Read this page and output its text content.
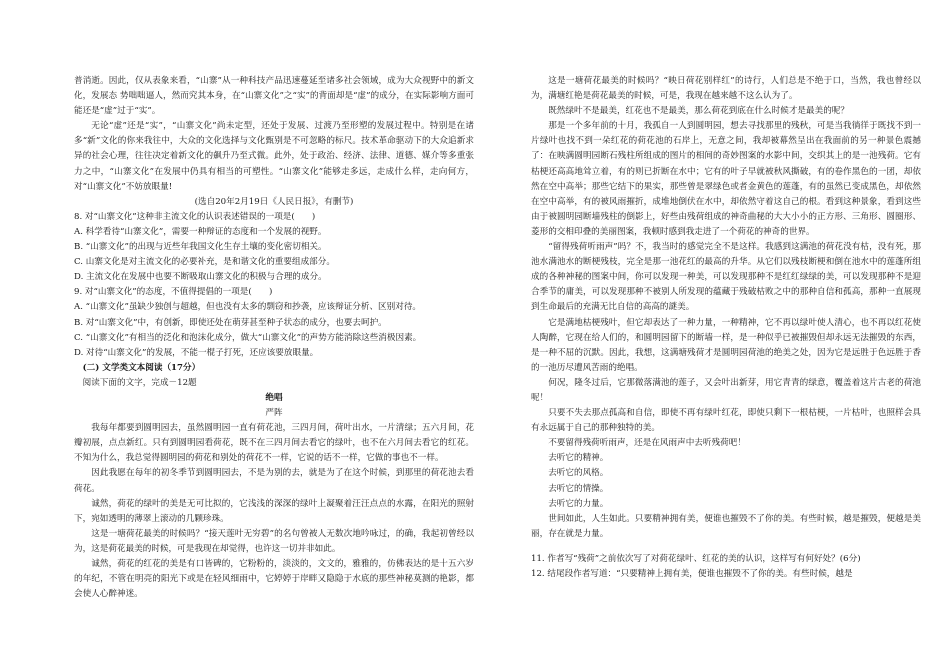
普消逝。因此，仅从表象来看，“山寨”从一种科技产品迅速蔓延至诸多社会领域，成为大众视野中的新文化，发展态 势咄咄逼人，然而究其本身，在“山寨文化”之“实”的背面却是“虚”的成分，在实际影响方面可能还是“虚”过于“实”。

无论“虚”还是“实”，“山寨文化”尚未定型，还处于发展、过渡乃至形塑的发展过程中。特别是在诸多“新”文化的你来我往中，大众的文化选择与文化甄别是不可忽略的标尺。技术革命驱动下的大众追新求异的社会心理，往往决定着新文化的飙升乃至式微。此外，处于政治、经济、法律、道德、媒介等多重张力之中，“山寨文化”在发展中仍具有相当的可塑性。“山寨文化”能够走多远，走成什么样，走向何方，对“山寨文化”不妨放眼量!

(选自20年2月19日《人民日报》，有删节)

8. 对“山寨文化”这种非主流文化的认识表述错误的一项是(　　)

A. 科学看待“山寨文化”，需要一种辩证的态度和一个发展的视野。

B. “山寨文化”的出现与近些年我国文化生存土壤的变化密切相关。

C. 山寨文化是对主流文化的必要补充，是和谐文化的重要组成部分。

D. 主流文化在发展中也要不断吸取山寨文化的积极与合理的成分。

9. 对“山寨文化”的态度，不值得提倡的一项是(　　)

A. “山寨文化”虽缺少独创与超越，但也没有太多的剽窃和抄袭，应该辩证分析、区别对待。

B. 对“山寨文化”中，有创新，即使还处在萌芽甚至种子状态的成分，也要去呵护。

C. “山寨文化”有相当的泛化和泡沫化成分，做大“山寨文化”的声势方能消除这些消极因素。

D. 对待“山寨文化”的发展，不能一棍子打死，还应该要放眼量。

　(二) 文学类文本阅读（17分）

　阅读下面的文字，完成－12题

绝唱

严阵

我每年都要到圆明园去，虽然圆明园一直有荷花池，三四月间，荷叶出水，一片清绿；五六月间，花瓣初展，点点新红。只有到圆明园看荷花，既不在三四月间去看它的绿叶，也不在六月间去看它的红花。不知为什么，我总觉得圆明园的荷花和别处的荷花不一样，它说的话不一样，它做的事也不一样。

因此我愿在每年的初冬季节到圆明园去，不是为别的去，就是为了在这个时候，到那里的荷花池去看荷花。

诚然，荷花的绿叶的美是无可比拟的，它浅浅的深深的绿叶上凝聚着汪汪点点的水露，在阳光的照射下，宛如透明的薄翠上滚动的几颗珍珠。

这是一塘荷花最美的时候吗？“接天莲叶无穷碧”的名句曾被人无数次地吟咏过，的确，我起初曾经以为，这是荷花最美的时候，可是我现在却觉得，也许这一切并非如此。

诚然，荷花的红花的美是有口皆碑的，它粉粉的，淡淡的，文文的，雅雅的，仿佛表达的是十五六岁的年纪，不管在明亮的阳光下或是在轻风细雨中，它婷婷于岸畔又隐隐于水底的那些神秘莫测的艳影，都会使人心醉神迷。

这是一塘荷花最美的时候吗？“映日荷花别样红”的诗行，人们总是不绝于口，当然，我也曾经以为，满塘红艳是荷花最美的时候，可是，我现在越来越不这么认为了。

既然绿叶不是最美，红花也不是最美，那么荷花到底在什么时候才是最美的呢？

那是一个多年前的十月，我孤自一人到圆明园，想去寻找那里的残秋，可是当我徜徉于既找不到一片绿叶也找不到一朵红花的荷花池的石岸上，无意之间，我却被幕然呈出在我面前的另一种景色震撼了：在映满圆明园断石残柱所组成的图片的相间的奇妙图案的水影中间，交织其上的是一池残荷。它有枯梗还高高地耸立着，有的则已折断在水中；它有的叶子早就被秋风撕破，有的卷作黑色的一团，却依然在空中高举；那些它结下的果实，那些曾是翠绿色或者金黄色的莲蓬，有的虽然已变成黑色，却依然在空中高举，有的被风雨摧折，成堆地倒伏在水中，却依然守着这自己的根。看到这种景象，看到这些由于被圆明园断墙残柱的倒影上，好些由残荷组成的神奇曲秘的大大小小的正方形、三角形、圆圈形、菱形的交相印叠的美丽图案，我顿时感到我走进了一个荷花的神奇的世界。

“留得残荷听雨声”吗？不，我当时的感觉完全不是这样。我感到这满池的荷花没有枯，没有死，那池水满池水的断梗残枝，完全是那一池花红的最高的升华。从它们以残枝断梗和倒在池水中的莲蓬所组成的各种神秘的图案中间，你可以发现一种美，可以发现那种不是红红绿绿的美，可以发现那种不是迎合季节的庸美，可以发现那种不被别人所发现的蕴藏于残破枯败之中的那种自信和孤高，那种一直展现到生命最后的充满无比自信的高高的謎美。

它是满地枯梗残叶，但它却表达了一种力量，一种精神，它不再以绿叶使人清心，也不再以红花使人陶醉，它现在给人们的，和圆明园留下的断墙一样，是一种似乎已被摧毁但却永远无法摧毁的东西，是一种不屈的沉默。因此，我想，这满塘残荷才是圆明园荷池的绝美之处，因为它是远胜于色远胜于香的一池历尽遭风苦雨的绝唱。

何况，隆冬过后，它那微落满池的莲子，又会叶出新芽，用它青青的绿意，覆盖着这片古老的荷池呢！

只要不失去那点孤高和自信，即使不再有绿叶红花，即使只剩下一根枯梗，一片枯叶，也照样会具有永远属于自己的那种独特的美。

不要留得残荷听雨声，还是在风雨声中去听残荷吧！

去听它的精神。

去听它的风格。

去听它的情操。

去听它的力量。

世间如此，人生如此。只要精神拥有美，便谁也摧毁不了你的美。有些时候，越是摧毁，便越是美丽，存在就是力量。

11. 作者写“残荷”之前依次写了对荷花绿叶、红花的美的认识，这样写有何好处？(6分)

12. 结尾段作者写道：“只要精神上拥有美，便谁也摧毁不了你的美。有些时候，越是
